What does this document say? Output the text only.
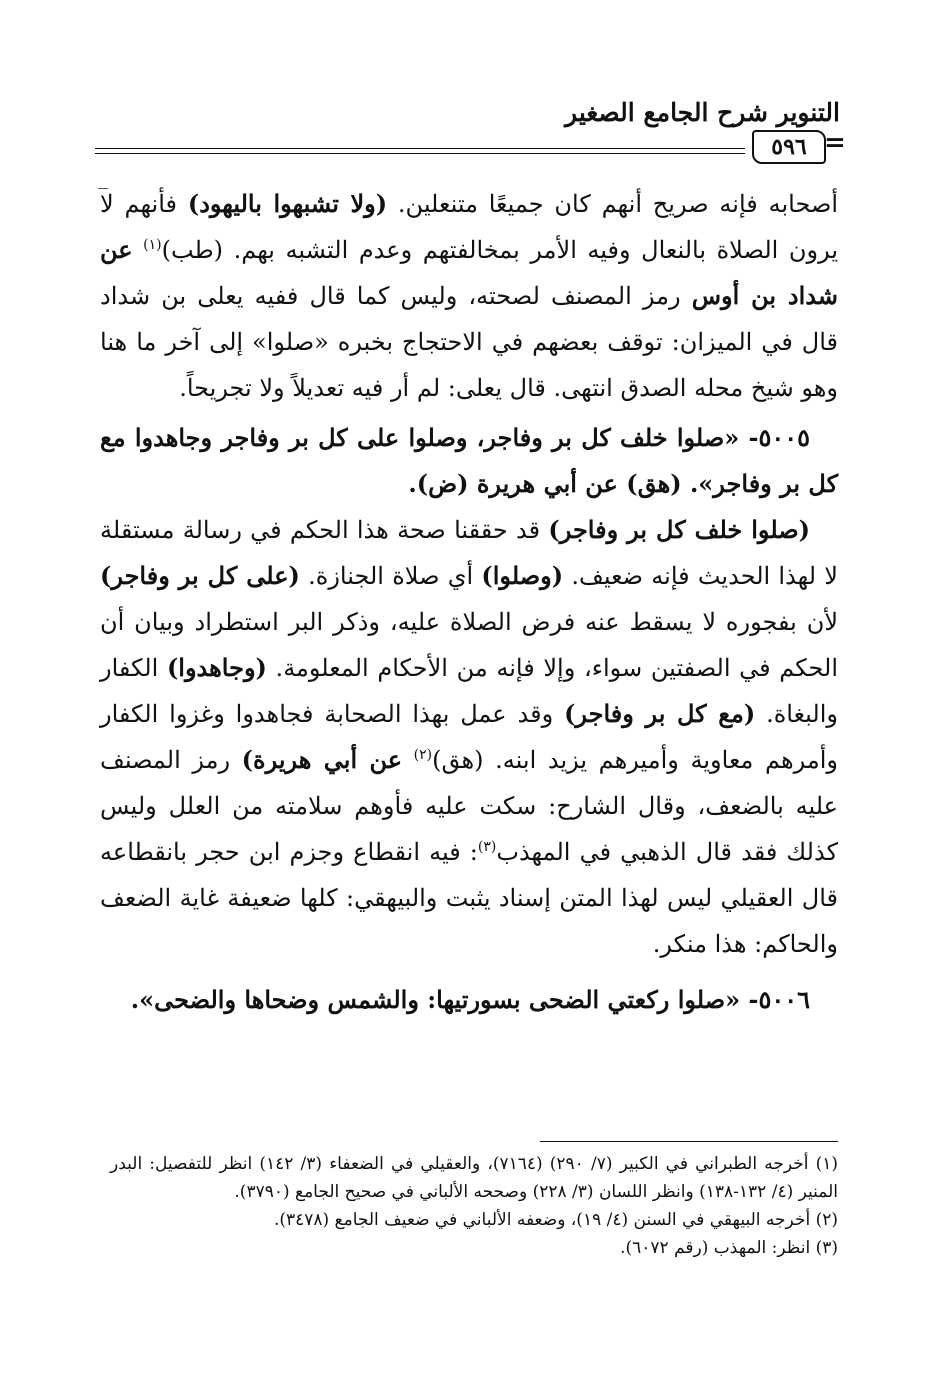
التنوير شرح الجامع الصغير
٥٩٦ =

أصحابه فإنه صريح أنهم كان جميعًا متنعلين. (ولا تشبهوا باليهود) فأنهم لا يرون الصلاة بالنعال وفيه الأمر بمخالفتهم وعدم التشبه بهم. (طب)$^{(١)}$ عن شداد بن أوس رمز المصنف لصحته، وليس كما قال ففيه يعلى بن شداد قال في الميزان: توقف بعضهم في الاحتجاج بخبره «صلوا» إلى آخر ما هنا وهو شيخ محله الصدق انتهى. قال يعلى: لم أر فيه تعديلاً ولا تجريحاً.

٥٠٠٥- «صلوا خلف كل بر وفاجر، وصلوا على كل بر وفاجر وجاهدوا مع كل بر وفاجر». (هق) عن أبي هريرة (ض).

(صلوا خلف كل بر وفاجر) قد حققنا صحة هذا الحكم في رسالة مستقلة لا لهذا الحديث فإنه ضعيف. (وصلوا) أي صلاة الجنازة. (على كل بر وفاجر) لأن بفجوره لا يسقط عنه فرض الصلاة عليه، وذكر البر استطراد وبيان أن الحكم في الصفتين سواء، وإلا فإنه من الأحكام المعلومة. (وجاهدوا) الكفار والبغاة. (مع كل بر وفاجر) وقد عمل بهذا الصحابة فجاهدوا وغزوا الكفار وأمرهم معاوية وأميرهم يزيد ابنه. (هق)$^{(٢)}$ عن أبي هريرة) رمز المصنف عليه بالضعف، وقال الشارح: سكت عليه فأوهم سلامته من العلل وليس كذلك فقد قال الذهبي في المهذب$^{(٣)}$: فيه انقطاع وجزم ابن حجر بانقطاعه قال العقيلي ليس لهذا المتن إسناد يثبت والبيهقي: كلها ضعيفة غاية الضعف والحاكم: هذا منكر.

٥٠٠٦- «صلوا ركعتي الضحى بسورتيها: والشمس وضحاها والضحى».

(١) أخرجه الطبراني في الكبير (٧/ ٢٩٠) (٧١٦٤)، والعقيلي في الضعفاء (٣/ ١٤٢) انظر للتفصيل: البدر المنير (٤/ ١٣٢-١٣٨) وانظر اللسان (٣/ ٢٢٨) وصححه الألباني في صحيح الجامع (٣٧٩٠).

(٢) أخرجه البيهقي في السنن (٤/ ١٩)، وضعفه الألباني في ضعيف الجامع (٣٤٧٨).

(٣) انظر: المهذب (رقم ٦٠٧٢).
